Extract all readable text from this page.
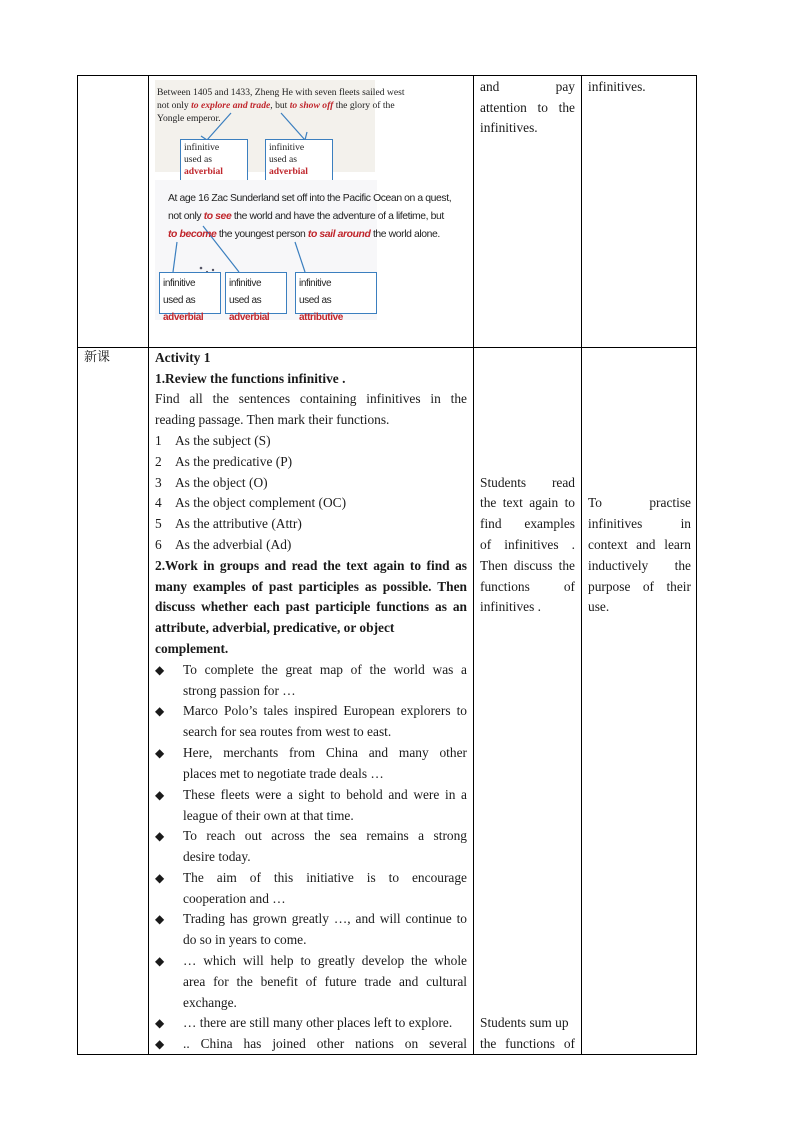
Between 1405 and 1433, Zheng He with seven fleets sailed west
not only to explore and trade, but to show off the glory of the
Yongle emperor.
infinitive
used as adverbial
infinitive
used as adverbial
At age 16 Zac Sunderland set off into the Pacific Ocean on a quest,
not only to see the world and have the adventure of a lifetime, but
to become the youngest person to sail around the world alone.
infinitive
used as adverbial
infinitive
used as adverbial
infinitive
used as attributive
and pay
attention to the
infinitives.
infinitives.
新课	Activity 1
1.Review the functions infinitive .
Find all the sentences containing infinitives in the
reading passage. Then mark their functions.
1 As the subject (S)
2 As the predicative (P)
3 As the object (O)
4 As the object complement (OC)
5 As the attributive (Attr)
6 As the adverbial (Ad)
2.Work in groups and read the text again to find as
many examples of past participles as possible. Then
discuss whether each past participle functions as an
attribute, adverbial, predicative, or object
complement.
◆ To complete the great map of the world was a
strong passion for …
◆ Marco Polo’s tales inspired European explorers to
search for sea routes from west to east.
◆ Here, merchants from China and many other
places met to negotiate trade deals …
◆ These fleets were a sight to behold and were in a
league of their own at that time.
◆ To reach out across the sea remains a strong
desire today.
◆ The aim of this initiative is to encourage
cooperation and …
◆ Trading has grown greatly …, and will continue to
do so in years to come.
◆ … which will help to greatly develop the whole
area for the benefit of future trade and cultural
exchange.
◆ … there are still many other places left to explore.
◆ .. China has joined other nations on several
Students read
the text again to
find examples
of infinitives .
Then discuss the
functions of
infinitives .
Students sum up
the functions of
To practise
infinitives in
context and learn
inductively the
purpose of their
use.
